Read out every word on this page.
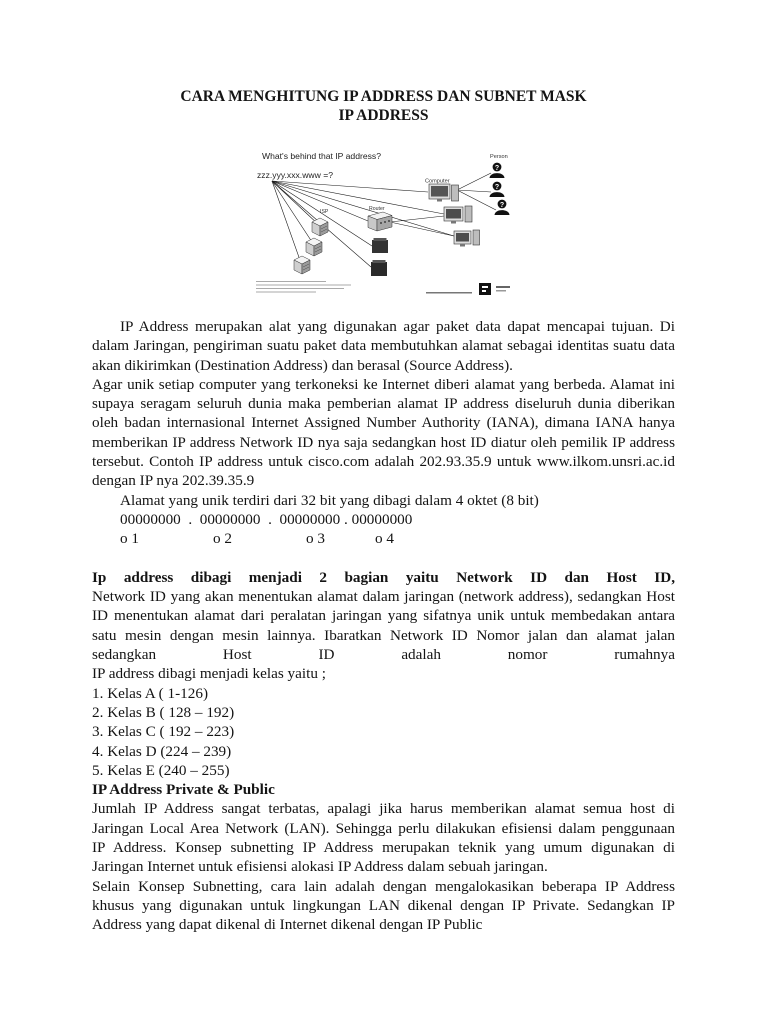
CARA MENGHITUNG IP ADDRESS DAN SUBNET MASK
IP ADDRESS
What's behind that IP address?
zzz.yyy.xxx.www =?
Person
Computer
Router
ISP
?
?
?
IP Address merupakan alat yang digunakan agar paket data dapat mencapai tujuan. Di
dalam Jaringan, pengiriman suatu paket data membutuhkan alamat sebagai identitas suatu data
akan dikirimkan (Destination Address) dan berasal (Source Address).
Agar unik setiap computer yang terkoneksi ke Internet diberi alamat yang berbeda. Alamat ini
supaya seragam seluruh dunia maka pemberian alamat IP address diseluruh dunia diberikan
oleh badan internasional Internet Assigned Number Authority (IANA), dimana IANA hanya
memberikan IP address Network ID nya saja sedangkan host ID diatur oleh pemilik IP address
tersebut. Contoh IP address untuk cisco.com adalah 202.93.35.9 untuk www.ilkom.unsri.ac.id
dengan IP nya 202.39.35.9
Alamat yang unik terdiri dari 32 bit yang dibagi dalam 4 oktet (8 bit)
00000000  .  00000000  .  00000000 . 00000000
o 1	o 2	o 3	o 4
Ip address dibagi menjadi 2 bagian yaitu Network ID dan Host ID,
Network ID yang akan menentukan alamat dalam jaringan (network address), sedangkan Host
ID menentukan alamat dari peralatan jaringan yang sifatnya unik untuk membedakan antara
satu mesin dengan mesin lainnya. Ibaratkan Network ID Nomor jalan dan alamat jalan
sedangkan Host ID adalah nomor rumahnya
IP address dibagi menjadi kelas yaitu ;
1. Kelas A ( 1-126)
2. Kelas B ( 128 – 192)
3. Kelas C ( 192 – 223)
4. Kelas D (224 – 239)
5. Kelas E (240 – 255)
IP Address Private & Public
Jumlah IP Address sangat terbatas, apalagi jika harus memberikan alamat semua host di
Jaringan Local Area Network (LAN). Sehingga perlu dilakukan efisiensi dalam penggunaan
IP Address. Konsep subnetting IP Address merupakan teknik yang umum digunakan di
Jaringan Internet untuk efisiensi alokasi IP Address dalam sebuah jaringan.
Selain Konsep Subnetting, cara lain adalah dengan mengalokasikan beberapa IP Address
khusus yang digunakan untuk lingkungan LAN dikenal dengan IP Private. Sedangkan IP
Address yang dapat dikenal di Internet dikenal dengan IP Public
